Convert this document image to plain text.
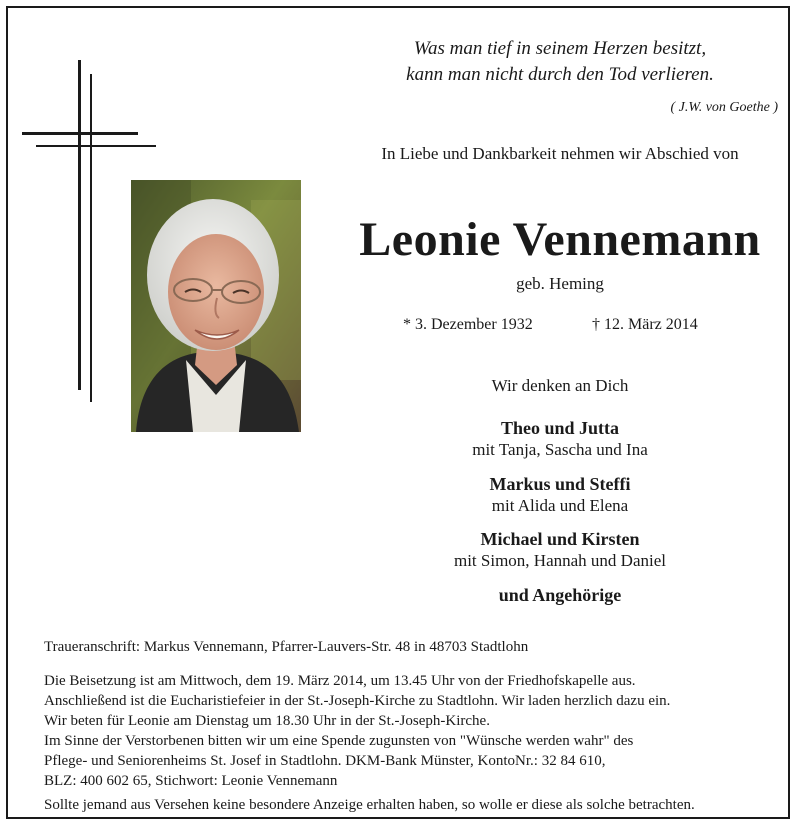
Was man tief in seinem Herzen besitzt,
kann man nicht durch den Tod verlieren.
( J.W. von Goethe )
In Liebe und Dankbarkeit nehmen wir Abschied von
Leonie Vennemann
geb. Heming
* 3. Dezember 1932	† 12. März 2014
Wir denken an Dich
Theo und Jutta
mit Tanja, Sascha und Ina
Markus und Steffi
mit Alida und Elena
Michael und Kirsten
mit Simon, Hannah und Daniel
und Angehörige
Traueranschrift: Markus Vennemann, Pfarrer-Lauvers-Str. 48 in 48703 Stadtlohn
Die Beisetzung ist am Mittwoch, dem 19. März 2014, um 13.45 Uhr von der Friedhofskapelle aus.
Anschließend ist die Eucharistiefeier in der St.-Joseph-Kirche zu Stadtlohn. Wir laden herzlich dazu ein.
Wir beten für Leonie am Dienstag um 18.30 Uhr in der St.-Joseph-Kirche.
Im Sinne der Verstorbenen bitten wir um eine Spende zugunsten von "Wünsche werden wahr" des
Pflege- und Seniorenheims St. Josef in Stadtlohn. DKM-Bank Münster, KontoNr.: 32 84 610,
BLZ: 400 602 65, Stichwort: Leonie Vennemann
Sollte jemand aus Versehen keine besondere Anzeige erhalten haben, so wolle er diese als solche betrachten.
